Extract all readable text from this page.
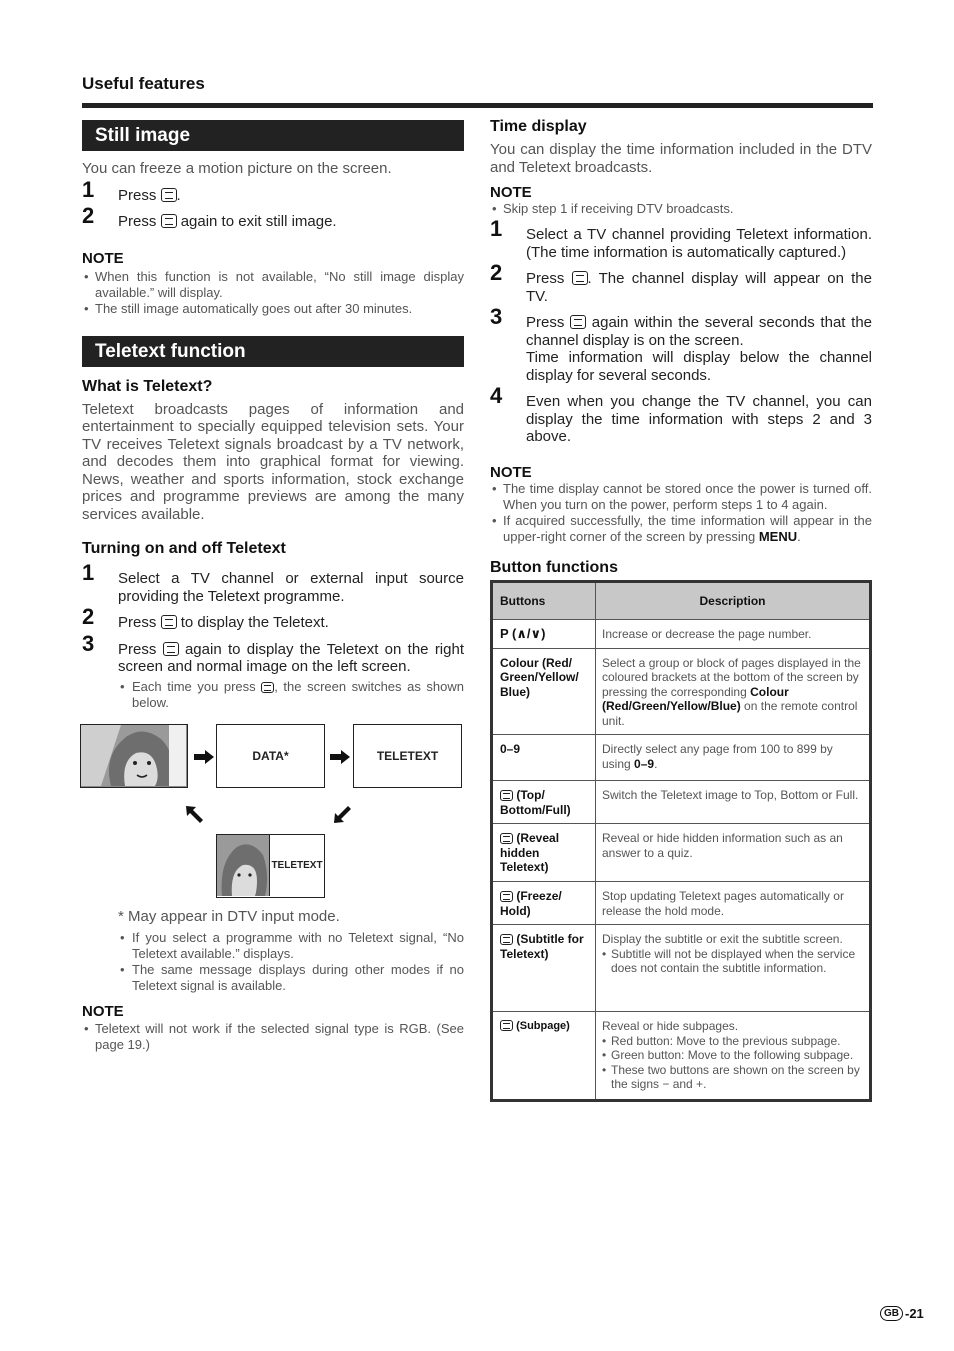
Useful features
Still image
You can freeze a motion picture on the screen.
1 Press .
2 Press again to exit still image.
NOTE
• When this function is not available, “No still image display available.” will display.
• The still image automatically goes out after 30 minutes.
Teletext function
What is Teletext?
Teletext broadcasts pages of information and entertainment to specially equipped television sets. Your TV receives Teletext signals broadcast by a TV network, and decodes them into graphical format for viewing. News, weather and sports information, stock exchange prices and programme previews are among the many services available.
Turning on and off Teletext
1 Select a TV channel or external input source providing the Teletext programme.
2 Press to display the Teletext.
3 Press again to display the Teletext on the right screen and normal image on the left screen.
• Each time you press , the screen switches as shown below.
DATA*	TELETEXT
TELETEXT
* May appear in DTV input mode.
• If you select a programme with no Teletext signal, “No Teletext available.” displays.
• The same message displays during other modes if no Teletext signal is available.
NOTE
• Teletext will not work if the selected signal type is RGB. (See page 19.)
Time display
You can display the time information included in the DTV and Teletext broadcasts.
NOTE
• Skip step 1 if receiving DTV broadcasts.
1 Select a TV channel providing Teletext information. (The time information is automatically captured.)
2 Press . The channel display will appear on the TV.
3 Press again within the several seconds that the channel display is on the screen.
Time information will display below the channel display for several seconds.
4 Even when you change the TV channel, you can display the time information with steps 2 and 3 above.
NOTE
• The time display cannot be stored once the power is turned off. When you turn on the power, perform steps 1 to 4 again.
• If acquired successfully, the time information will appear in the upper-right corner of the screen by pressing MENU.
Button functions
Buttons	Description
P (∧/∨)	Increase or decrease the page number.
Colour (Red/ Green/Yellow/ Blue)	Select a group or block of pages displayed in the coloured brackets at the bottom of the screen by pressing the corresponding Colour (Red/Green/Yellow/Blue) on the remote control unit.
0–9	Directly select any page from 100 to 899 by using 0–9.
(Top/ Bottom/Full)	Switch the Teletext image to Top, Bottom or Full.
(Reveal hidden Teletext)	Reveal or hide hidden information such as an answer to a quiz.
(Freeze/ Hold)	Stop updating Teletext pages automatically or release the hold mode.
(Subtitle for Teletext)	Display the subtitle or exit the subtitle screen.
• Subtitle will not be displayed when the service does not contain the subtitle information.

(Subpage)	Reveal or hide subpages.
• Red button: Move to the previous subpage.
• Green button: Move to the following subpage.
• These two buttons are shown on the screen by the signs − and +.
GB -21
